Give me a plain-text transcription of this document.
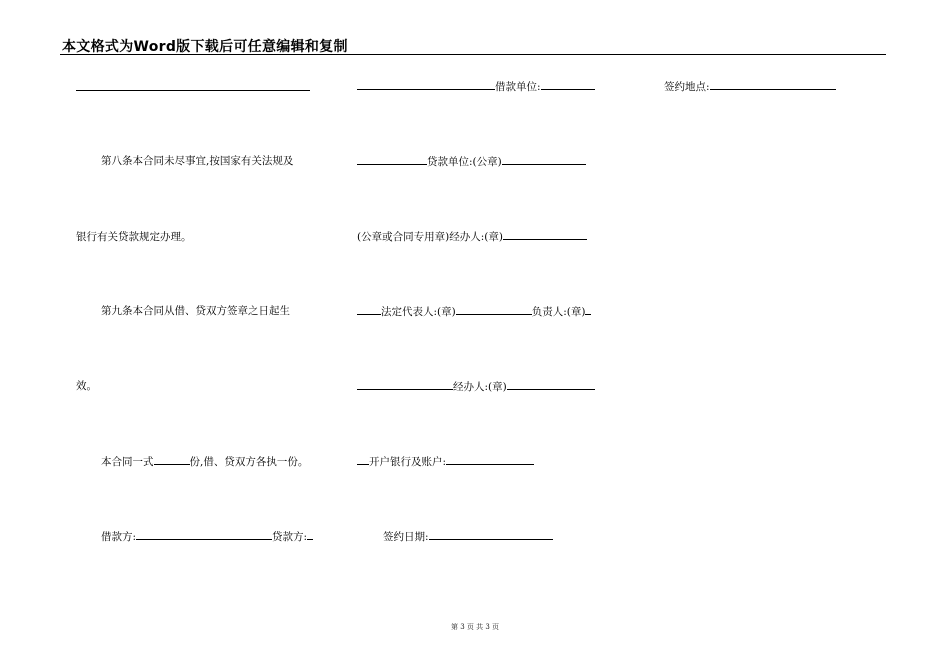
本文格式为Word版下载后可任意编辑和复制
第八条本合同未尽事宜,按国家有关法规及
银行有关贷款规定办理。
第九条本合同从借、贷双方签章之日起生
效。
本合同一式	份,借、贷双方各执一份。
借款方:	贷款方:
借款单位:
贷款单位:(公章)
(公章或合同专用章)经办人:(章)
法定代表人:(章)	负责人:(章)
经办人:(章)
开户银行及账户:
签约日期:
签约地点:
第 3 页 共 3 页
